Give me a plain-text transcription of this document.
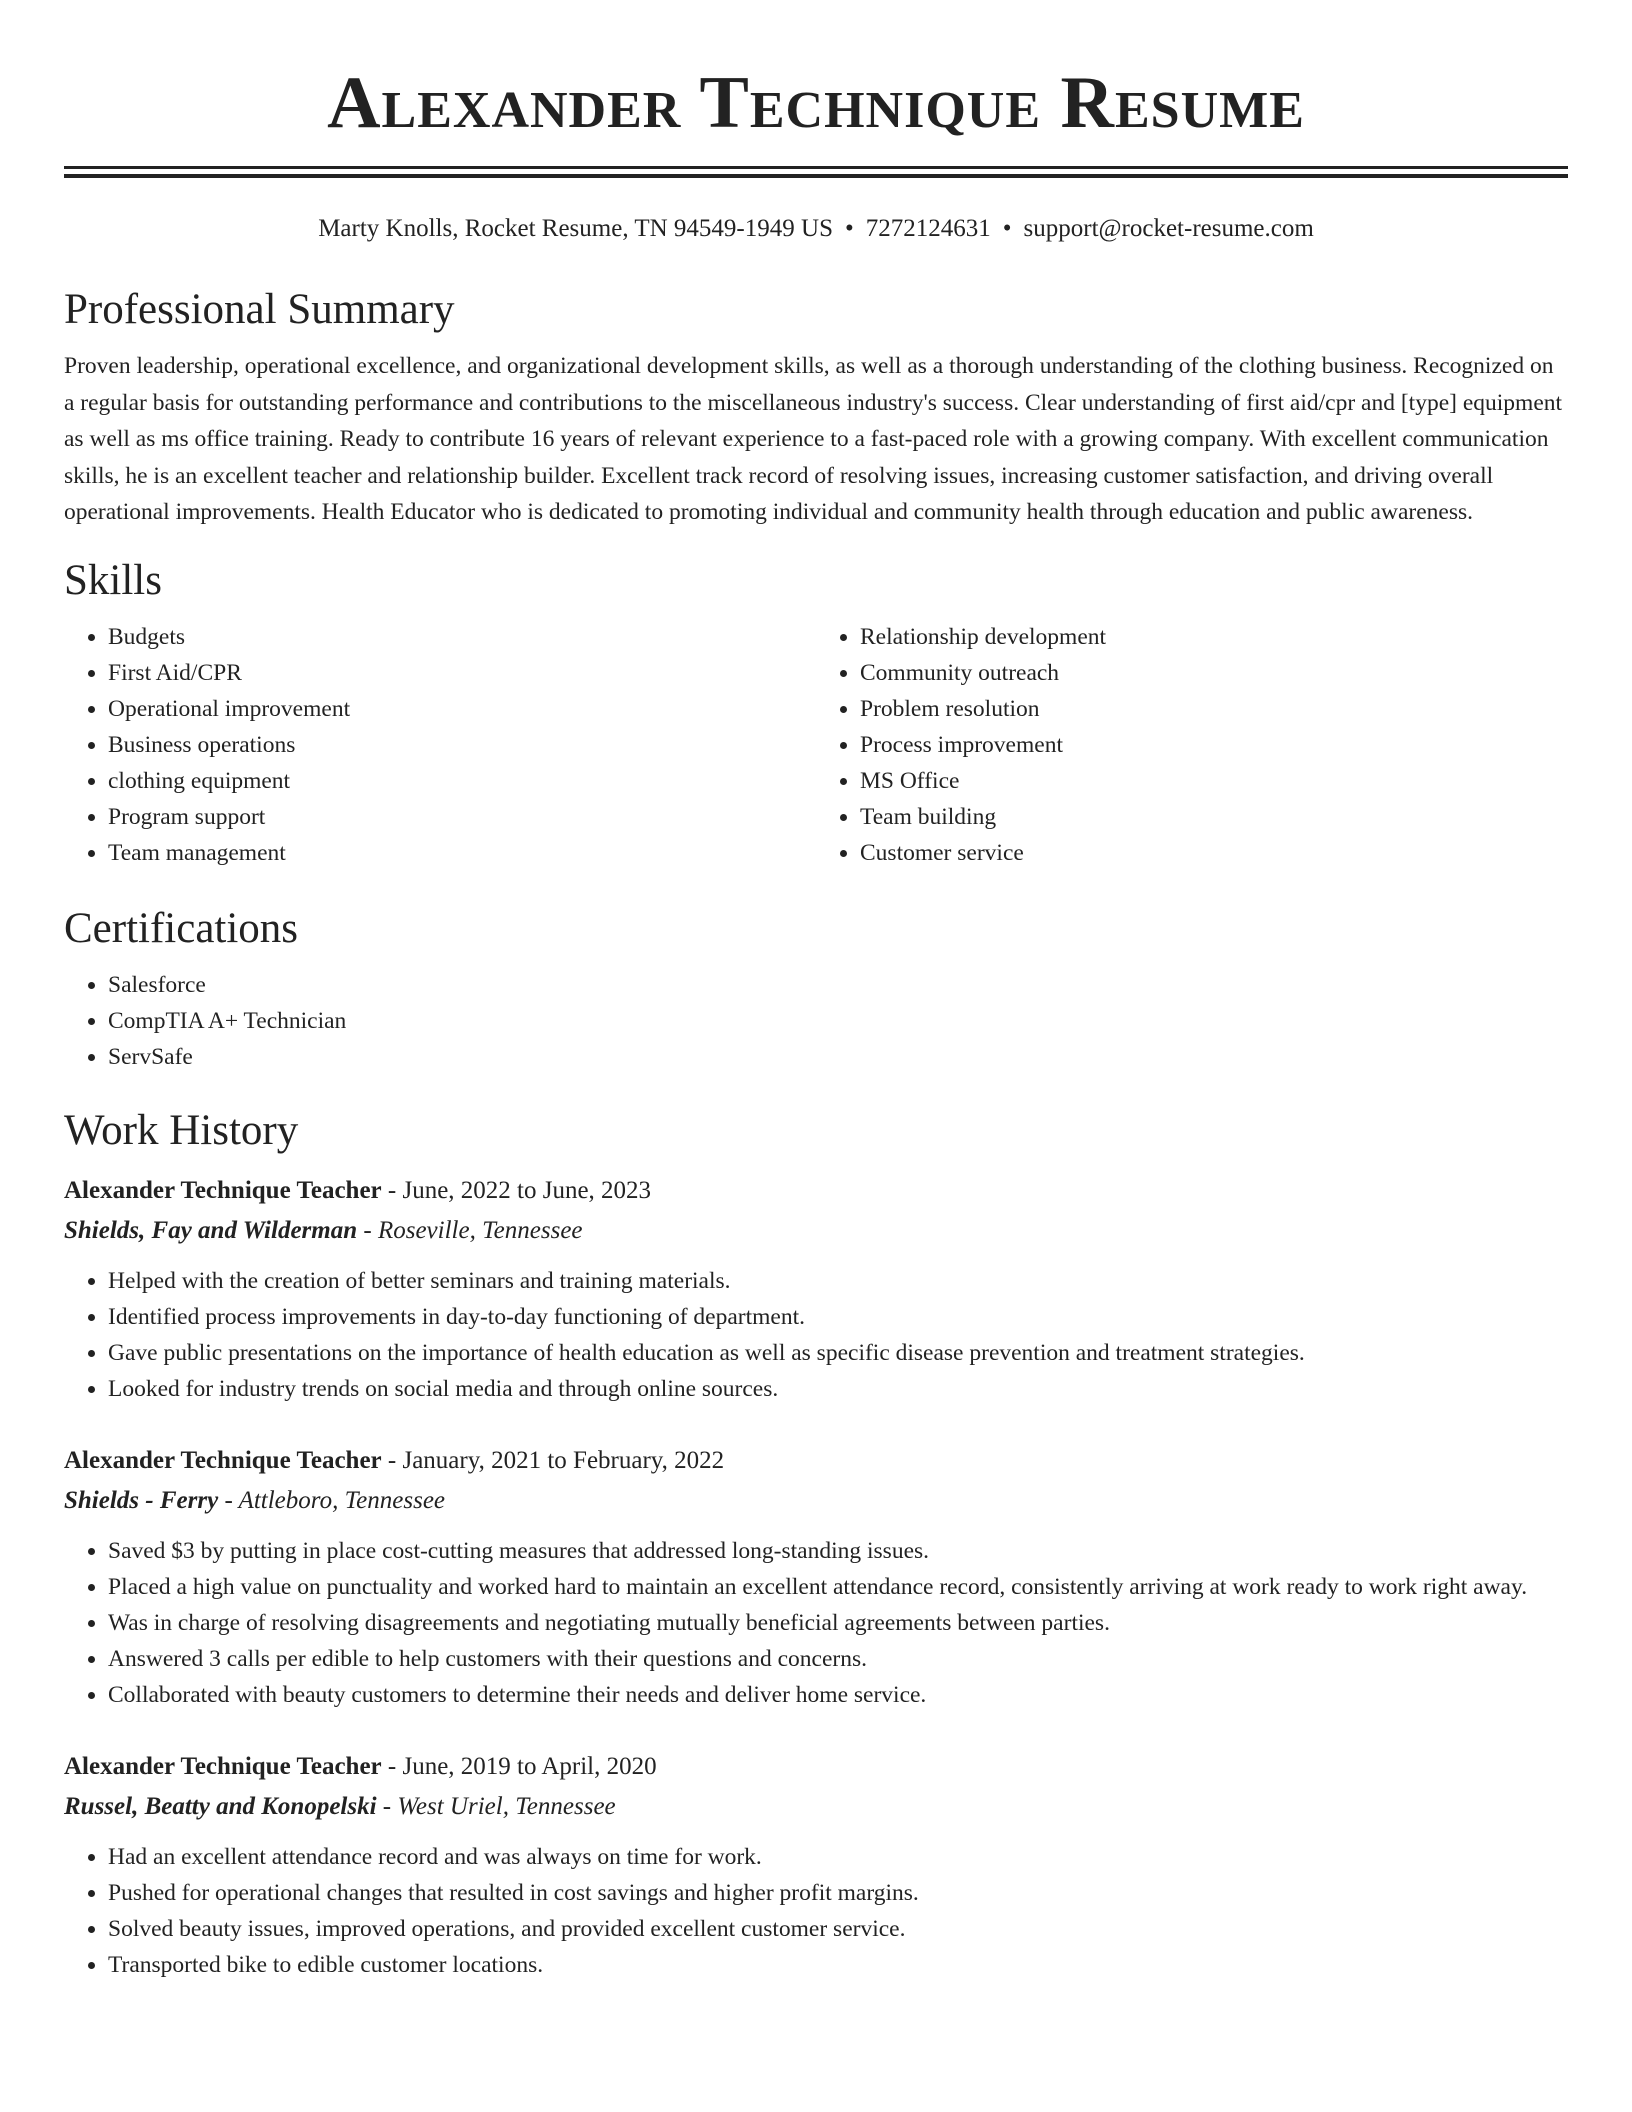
Alexander Technique Resume
Marty Knolls, Rocket Resume, TN 94549-1949 US • 7272124631 • support@rocket-resume.com
Professional Summary

Proven leadership, operational excellence, and organizational development skills, as well as a thorough understanding of the clothing business. Recognized on a regular basis for outstanding performance and contributions to the miscellaneous industry's success. Clear understanding of first aid/cpr and [type] equipment as well as ms office training. Ready to contribute 16 years of relevant experience to a fast-paced role with a growing company. With excellent communication skills, he is an excellent teacher and relationship builder. Excellent track record of resolving issues, increasing customer satisfaction, and driving overall operational improvements. Health Educator who is dedicated to promoting individual and community health through education and public awareness.

Skills
• Budgets
• First Aid/CPR
• Operational improvement
• Business operations
• clothing equipment
• Program support
• Team management
• Relationship development
• Community outreach
• Problem resolution
• Process improvement
• MS Office
• Team building
• Customer service
Certifications
• Salesforce
• CompTIA A+ Technician
• ServSafe
Work History
Alexander Technique Teacher - June, 2022 to June, 2023
Shields, Fay and Wilderman - Roseville, Tennessee
• Helped with the creation of better seminars and training materials.
• Identified process improvements in day-to-day functioning of department.
• Gave public presentations on the importance of health education as well as specific disease prevention and treatment strategies.
• Looked for industry trends on social media and through online sources.
Alexander Technique Teacher - January, 2021 to February, 2022
Shields - Ferry - Attleboro, Tennessee
• Saved $3 by putting in place cost-cutting measures that addressed long-standing issues.
• Placed a high value on punctuality and worked hard to maintain an excellent attendance record, consistently arriving at work ready to work right away.
• Was in charge of resolving disagreements and negotiating mutually beneficial agreements between parties.
• Answered 3 calls per edible to help customers with their questions and concerns.
• Collaborated with beauty customers to determine their needs and deliver home service.
Alexander Technique Teacher - June, 2019 to April, 2020
Russel, Beatty and Konopelski - West Uriel, Tennessee
• Had an excellent attendance record and was always on time for work.
• Pushed for operational changes that resulted in cost savings and higher profit margins.
• Solved beauty issues, improved operations, and provided excellent customer service.
• Transported bike to edible customer locations.
